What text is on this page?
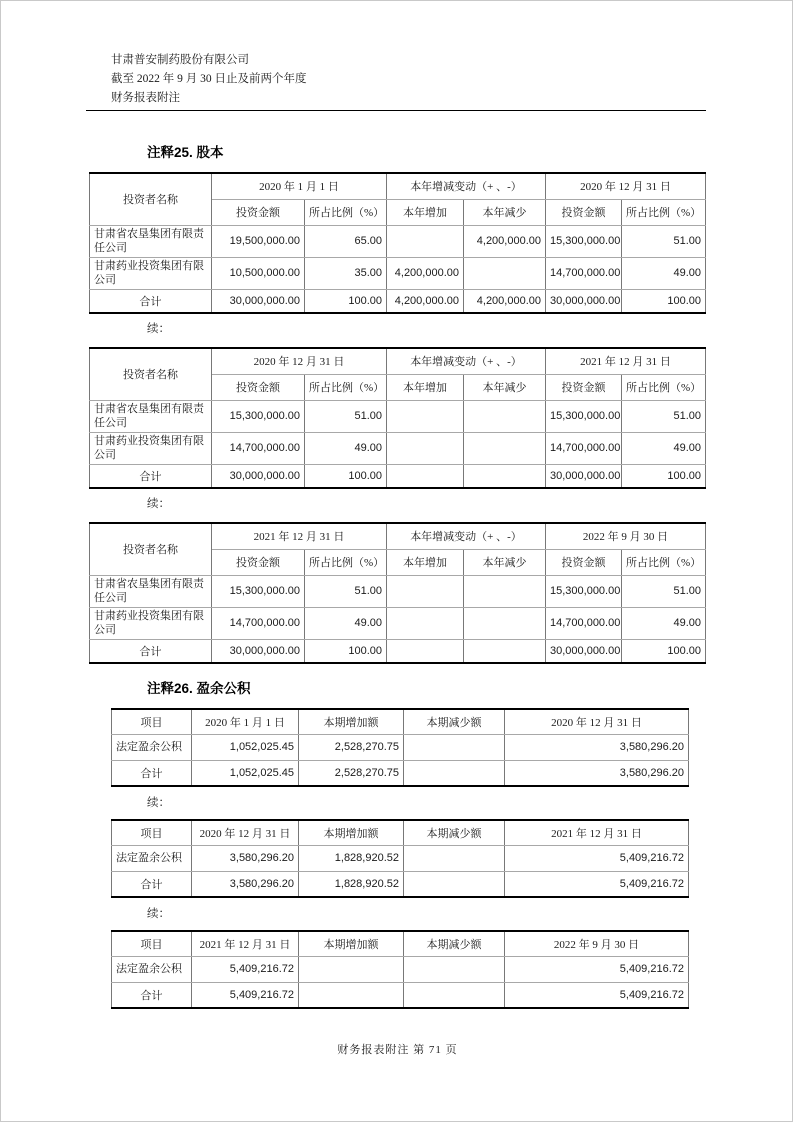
甘肃普安制药股份有限公司
截至 2022 年 9 月 30 日止及前两个年度
财务报表附注
注释25. 股本
投资者名称	2020 年 1 月 1 日		本年增减变动（+ 、-）		2020 年 12 月 31 日	
	投资金额	所占比例（%）	本年增加	本年减少	投资金额	所占比例（%）
甘肃省农垦集团有限责任公司	19,500,000.00	65.00		4,200,000.00	15,300,000.00	51.00
甘肃药业投资集团有限公司	10,500,000.00	35.00	4,200,000.00		14,700,000.00	49.00
合计	30,000,000.00	100.00	4,200,000.00	4,200,000.00	30,000,000.00	100.00
续：
投资者名称	2020 年 12 月 31 日		本年增减变动（+ 、-）		2021 年 12 月 31 日	
	投资金额	所占比例（%）	本年增加	本年减少	投资金额	所占比例（%）
甘肃省农垦集团有限责任公司	15,300,000.00	51.00			15,300,000.00	51.00
甘肃药业投资集团有限公司	14,700,000.00	49.00			14,700,000.00	49.00
合计	30,000,000.00	100.00			30,000,000.00	100.00
续：
投资者名称	2021 年 12 月 31 日		本年增减变动（+ 、-）		2022 年 9 月 30 日	
	投资金额	所占比例（%）	本年增加	本年减少	投资金额	所占比例（%）
甘肃省农垦集团有限责任公司	15,300,000.00	51.00			15,300,000.00	51.00
甘肃药业投资集团有限公司	14,700,000.00	49.00			14,700,000.00	49.00
合计	30,000,000.00	100.00			30,000,000.00	100.00
注释26. 盈余公积
项目	2020 年 1 月 1 日	本期增加额	本期减少额	2020 年 12 月 31 日
法定盈余公积	1,052,025.45	2,528,270.75		3,580,296.20
合计	1,052,025.45	2,528,270.75		3,580,296.20
续：
项目	2020 年 12 月 31 日	本期增加额	本期减少额	2021 年 12 月 31 日
法定盈余公积	3,580,296.20	1,828,920.52		5,409,216.72
合计	3,580,296.20	1,828,920.52		5,409,216.72
续：
项目	2021 年 12 月 31 日	本期增加额	本期减少额	2022 年 9 月 30 日
法定盈余公积	5,409,216.72			5,409,216.72
合计	5,409,216.72			5,409,216.72
财务报表附注 第 71 页
